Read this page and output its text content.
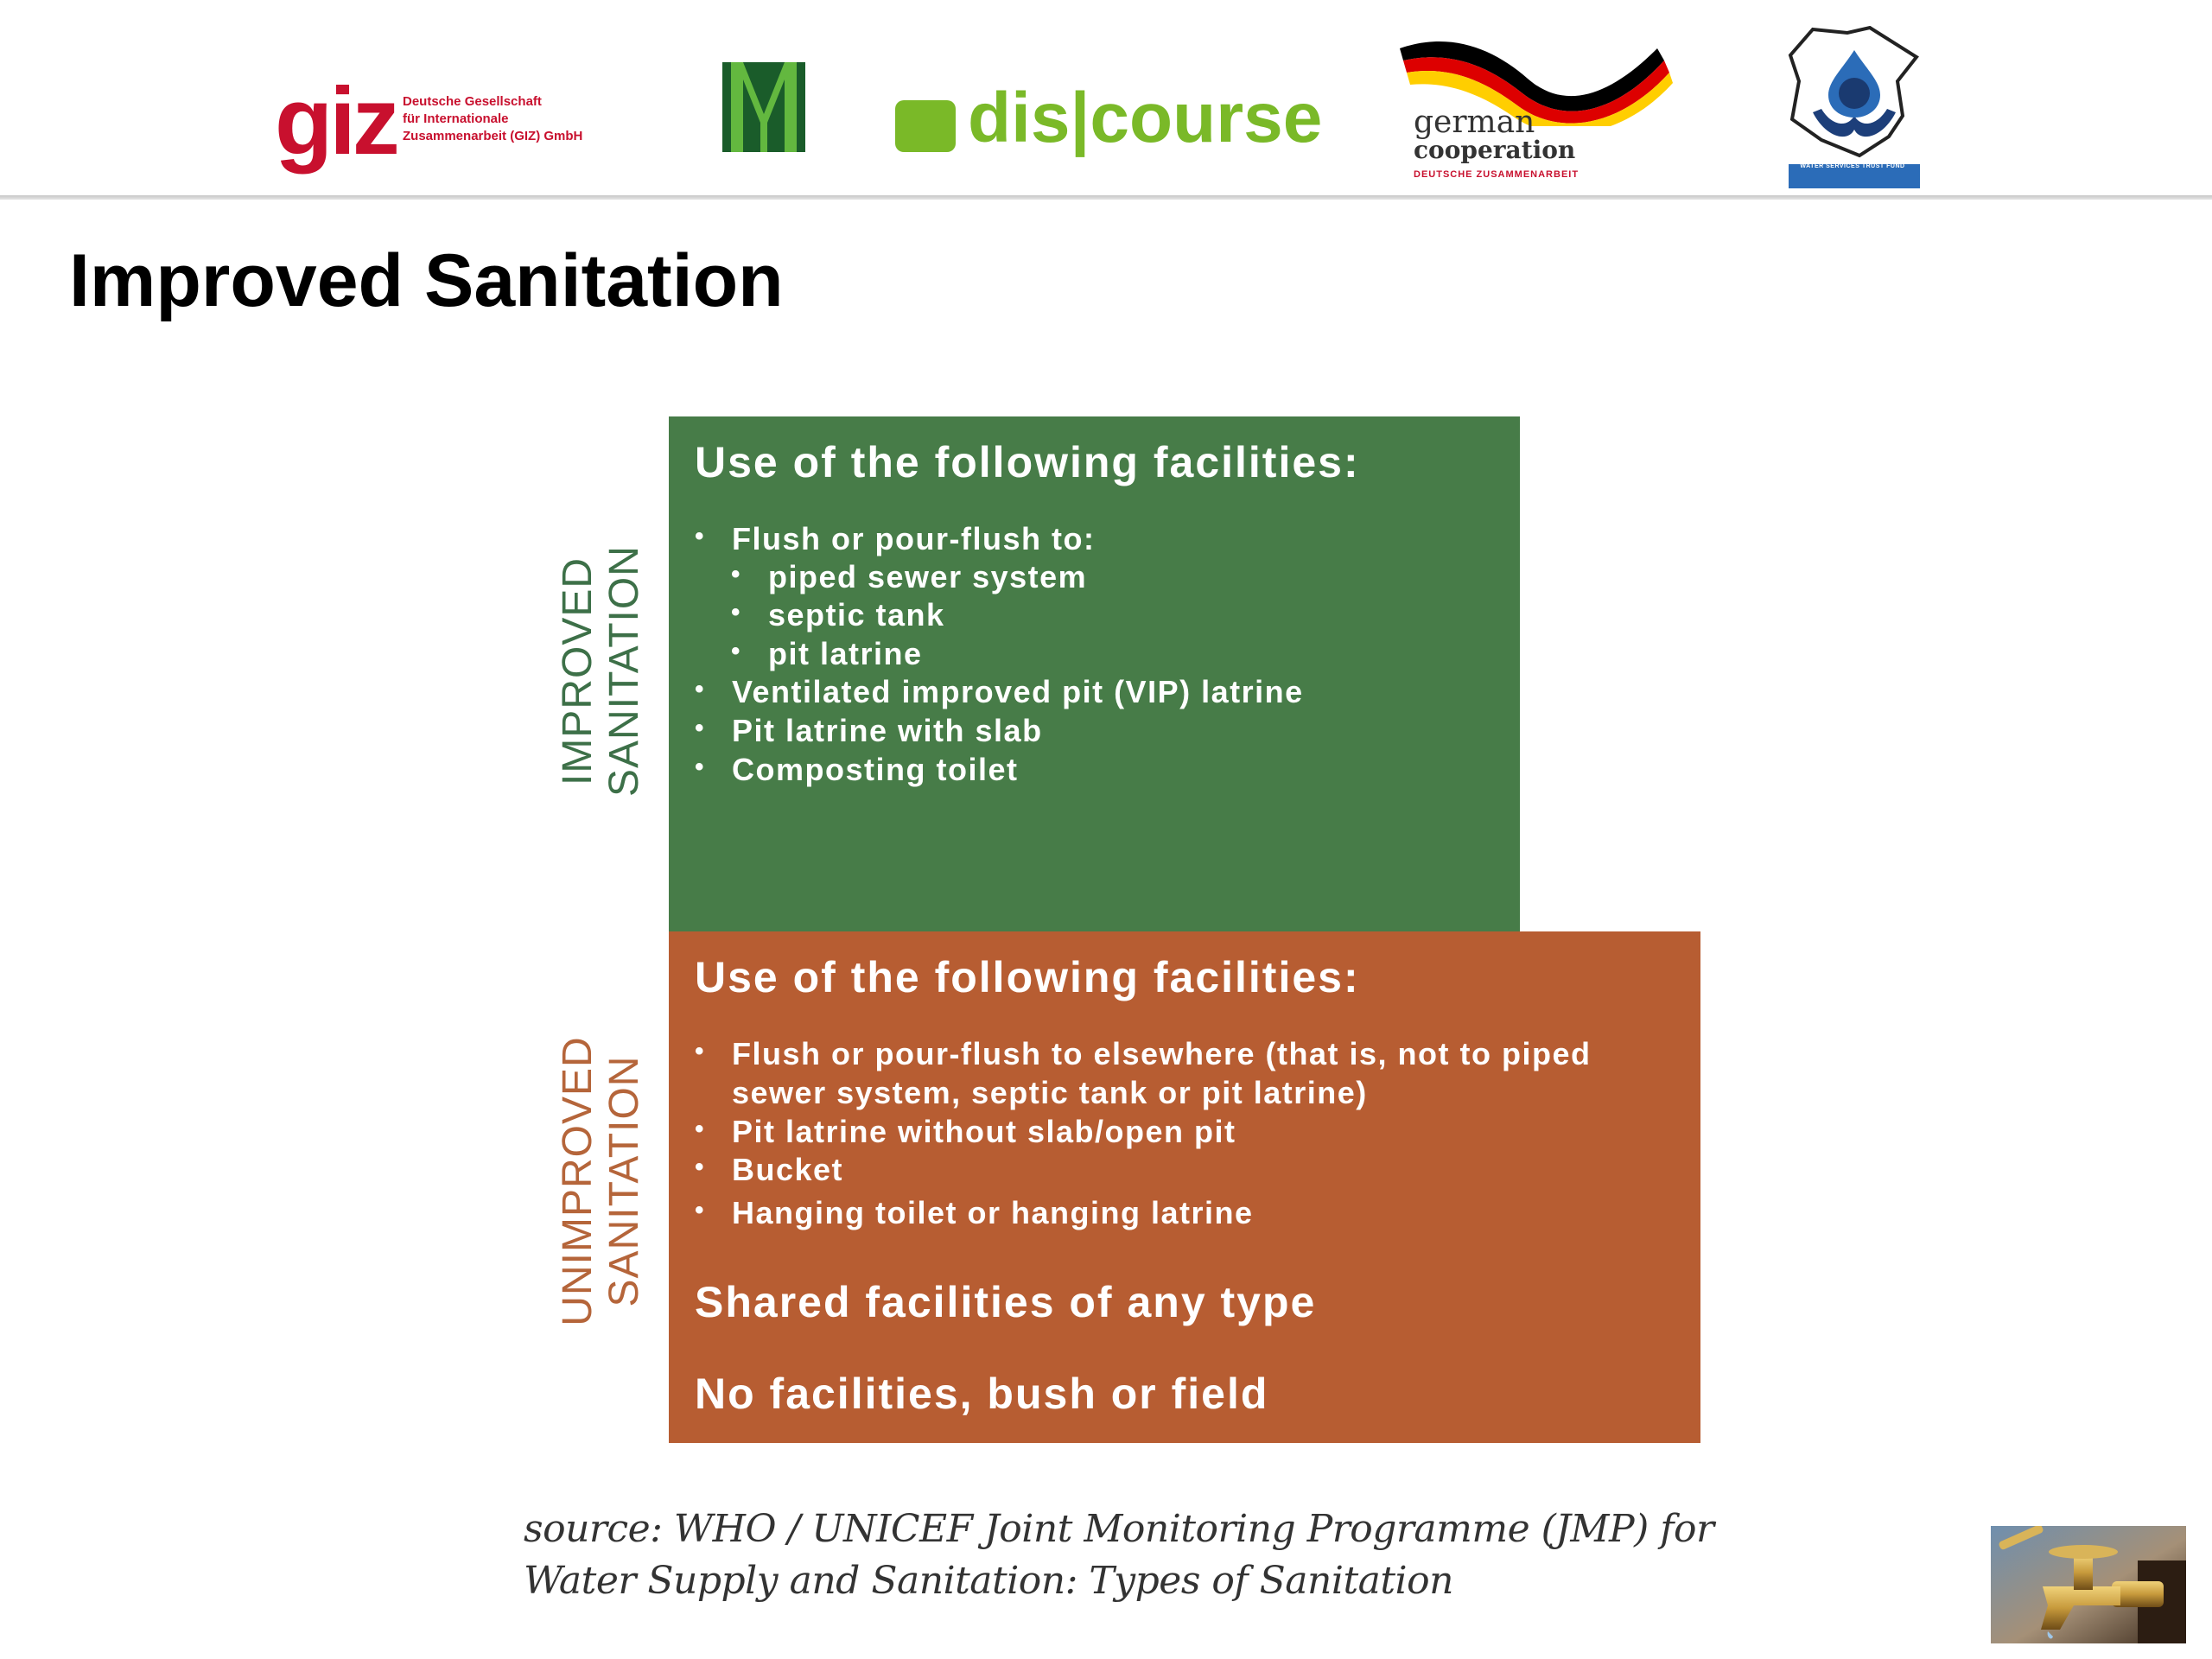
giz Deutsche Gesellschaft
für Internationale
Zusammenarbeit (GIZ) GmbH	dis|course	german
cooperation
DEUTSCHE ZUSAMMENARBEIT
WATER SERVICES TRUST FUND
Improved Sanitation
IMPROVED SANITATION
UNIMPROVED SANITATION
Use of the following facilities:
• Flush or pour-flush to:
• piped sewer system
• septic tank
• pit latrine
• Ventilated improved pit (VIP) latrine
• Pit latrine with slab
• Composting toilet
Use of the following facilities:
• Flush or pour-flush to elsewhere (that is, not to piped
sewer system, septic tank or pit latrine)
• Pit latrine without slab/open pit
• Bucket
• Hanging toilet or hanging latrine
Shared facilities of any type
No facilities, bush or field
source: WHO / UNICEF Joint Monitoring Programme (JMP) for
Water Supply and Sanitation: Types of Sanitation
